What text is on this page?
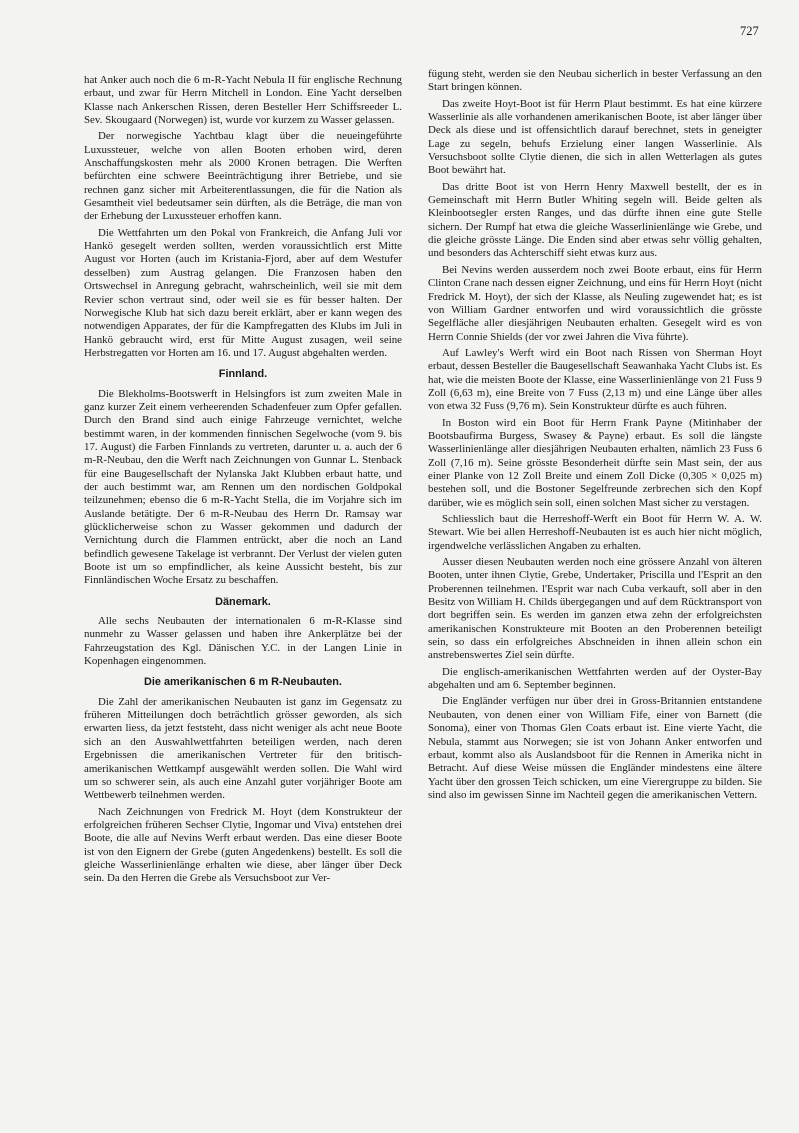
727

hat Anker auch noch die 6 m-R-Yacht Nebula II für englische Rechnung erbaut, und zwar für Herrn Mitchell in London. Eine Yacht derselben Klasse nach Ankerschen Rissen, deren Besteller Herr Schiffsreeder L. Sev. Skougaard (Norwegen) ist, wurde vor kurzem zu Wasser gelassen.

Der norwegische Yachtbau klagt über die neueingeführte Luxussteuer, welche von allen Booten erhoben wird, deren Anschaffungskosten mehr als 2000 Kronen betragen. Die Werften befürchten eine schwere Beeinträchtigung ihrer Betriebe, und sie rechnen ganz sicher mit Arbeiterentlassungen, die für die Nation als Gesamtheit viel bedeutsamer sein dürften, als die Beträge, die man von der Erhebung der Luxussteuer erhoffen kann.

Die Wettfahrten um den Pokal von Frankreich, die Anfang Juli vor Hankö gesegelt werden sollten, werden voraussichtlich erst Mitte August vor Horten (auch im Kristania-Fjord, aber auf dem Westufer desselben) zum Austrag gelangen. Die Franzosen haben den Ortswechsel in Anregung gebracht, wahrscheinlich, weil sie mit dem Revier schon vertraut sind, oder weil sie es für besser halten. Der Norwegische Klub hat sich dazu bereit erklärt, aber er kann wegen des notwendigen Apparates, der für die Kampfregatten des Klubs im Juli in Hankö gebraucht wird, erst für Mitte August zusagen, weil seine Herbstregatten vor Horten am 16. und 17. August abgehalten werden.

Finnland.

Die Blekholms-Bootswerft in Helsingfors ist zum zweiten Male in ganz kurzer Zeit einem verheerenden Schadenfeuer zum Opfer gefallen. Durch den Brand sind auch einige Fahrzeuge vernichtet, welche bestimmt waren, in der kommenden finnischen Segelwoche (vom 9. bis 17. August) die Farben Finnlands zu vertreten, darunter u. a. auch der 6 m-R-Neubau, den die Werft nach Zeichnungen von Gunnar L. Stenback für eine Baugesellschaft der Nylanska Jakt Klubben erbaut hatte, und der auch bestimmt war, am Rennen um den nordischen Goldpokal teilzunehmen; ebenso die 6 m-R-Yacht Stella, die im Vorjahre sich im Auslande betätigte. Der 6 m-R-Neubau des Herrn Dr. Ramsay war glücklicherweise schon zu Wasser gekommen und dadurch der Vernichtung durch die Flammen entrückt, aber die noch an Land befindlich gewesene Takelage ist verbrannt. Der Verlust der vielen guten Boote ist um so empfindlicher, als keine Aussicht besteht, bis zur Finnländischen Woche Ersatz zu beschaffen.

Dänemark.

Alle sechs Neubauten der internationalen 6 m-R-Klasse sind nunmehr zu Wasser gelassen und haben ihre Ankerplätze bei der Fahrzeugstation des Kgl. Dänischen Y.C. in der Langen Linie in Kopenhagen eingenommen.

Die amerikanischen 6 m R-Neubauten.

Die Zahl der amerikanischen Neubauten ist ganz im Gegensatz zu früheren Mitteilungen doch beträchtlich grösser geworden, als sich erwarten liess, da jetzt feststeht, dass nicht weniger als acht neue Boote sich an den Auswahlwettfahrten beteiligen werden, nach deren Ergebnissen die amerikanischen Vertreter für den britisch-amerikanischen Wettkampf ausgewählt werden sollen. Die Wahl wird um so schwerer sein, als auch eine Anzahl guter vorjähriger Boote am Wettbewerb teilnehmen werden.

Nach Zeichnungen von Fredrick M. Hoyt (dem Konstrukteur der erfolgreichen früheren Sechser Clytie, Ingomar und Viva) entstehen drei Boote, die alle auf Nevins Werft erbaut werden. Das eine dieser Boote ist von den Eignern der Grebe (guten Angedenkens) bestellt. Es soll die gleiche Wasserlinienlänge erhalten wie diese, aber länger über Deck sein. Da den Herren die Grebe als Versuchsboot zur Ver-

fügung steht, werden sie den Neubau sicherlich in bester Verfassung an den Start bringen können.

Das zweite Hoyt-Boot ist für Herrn Plaut bestimmt. Es hat eine kürzere Wasserlinie als alle vorhandenen amerikanischen Boote, ist aber länger über Deck als diese und ist offensichtlich darauf berechnet, stets in geneigter Lage zu segeln, behufs Erzielung einer langen Wasserlinie. Als Versuchsboot sollte Clytie dienen, die sich in allen Wetterlagen als gutes Boot bewährt hat.

Das dritte Boot ist von Herrn Henry Maxwell bestellt, der es in Gemeinschaft mit Herrn Butler Whiting segeln will. Beide gelten als Kleinbootsegler ersten Ranges, und das dürfte ihnen eine gute Stelle sichern. Der Rumpf hat etwa die gleiche Wasserlinienlänge wie Grebe, und die gleiche grösste Länge. Die Enden sind aber etwas sehr völlig gehalten, und besonders das Achterschiff sieht etwas kurz aus.

Bei Nevins werden ausserdem noch zwei Boote erbaut, eins für Herrn Clinton Crane nach dessen eigner Zeichnung, und eins für Herrn Hoyt (nicht Fredrick M. Hoyt), der sich der Klasse, als Neuling zugewendet hat; es ist von William Gardner entworfen und wird voraussichtlich die grösste Segelfläche aller diesjährigen Neubauten erhalten. Gesegelt wird es von Herrn Connie Shields (der vor zwei Jahren die Viva führte).

Auf Lawley's Werft wird ein Boot nach Rissen von Sherman Hoyt erbaut, dessen Besteller die Baugesellschaft Seawanhaka Yacht Clubs ist. Es hat, wie die meisten Boote der Klasse, eine Wasserlinienlänge von 21 Fuss 9 Zoll (6,63 m), eine Breite von 7 Fuss (2,13 m) und eine Länge über alles von etwa 32 Fuss (9,76 m). Sein Konstrukteur dürfte es auch führen.

In Boston wird ein Boot für Herrn Frank Payne (Mitinhaber der Bootsbaufirma Burgess, Swasey & Payne) erbaut. Es soll die längste Wasserlinienlänge aller diesjährigen Neubauten erhalten, nämlich 23 Fuss 6 Zoll (7,16 m). Seine grösste Besonderheit dürfte sein Mast sein, der aus einer Planke von 12 Zoll Breite und einem Zoll Dicke (0,305 × 0,025 m) bestehen soll, und die Bostoner Segelfreunde zerbrechen sich den Kopf darüber, wie es möglich sein soll, einen solchen Mast sicher zu verstagen.

Schliesslich baut die Herreshoff-Werft ein Boot für Herrn W. A. W. Stewart. Wie bei allen Herreshoff-Neubauten ist es auch hier nicht möglich, irgendwelche verlässlichen Angaben zu erhalten.

Ausser diesen Neubauten werden noch eine grössere Anzahl von älteren Booten, unter ihnen Clytie, Grebe, Undertaker, Priscilla und l'Esprit an den Proberennen teilnehmen. l'Esprit war nach Cuba verkauft, soll aber in den Besitz von William H. Childs übergegangen und auf dem Rücktransport von dort begriffen sein. Es werden im ganzen etwa zehn der erfolgreichsten amerikanischen Konstrukteure mit Booten an den Proberennen beteiligt sein, so dass ein erfolgreiches Abschneiden in ihnen allein schon ein anstrebenswertes Ziel sein dürfte.

Die englisch-amerikanischen Wettfahrten werden auf der Oyster-Bay abgehalten und am 6. September beginnen.

Die Engländer verfügen nur über drei in Gross-Britannien entstandene Neubauten, von denen einer von William Fife, einer von Barnett (die Sonoma), einer von Thomas Glen Coats erbaut ist. Eine vierte Yacht, die Nebula, stammt aus Norwegen; sie ist von Johann Anker entworfen und erbaut, kommt also als Auslandsboot für die Rennen in Amerika nicht in Betracht. Auf diese Weise müssen die Engländer mindestens eine ältere Yacht über den grossen Teich schicken, um eine Vierergruppe zu bilden. Sie sind also im gewissen Sinne im Nachteil gegen die amerikanischen Vettern.
